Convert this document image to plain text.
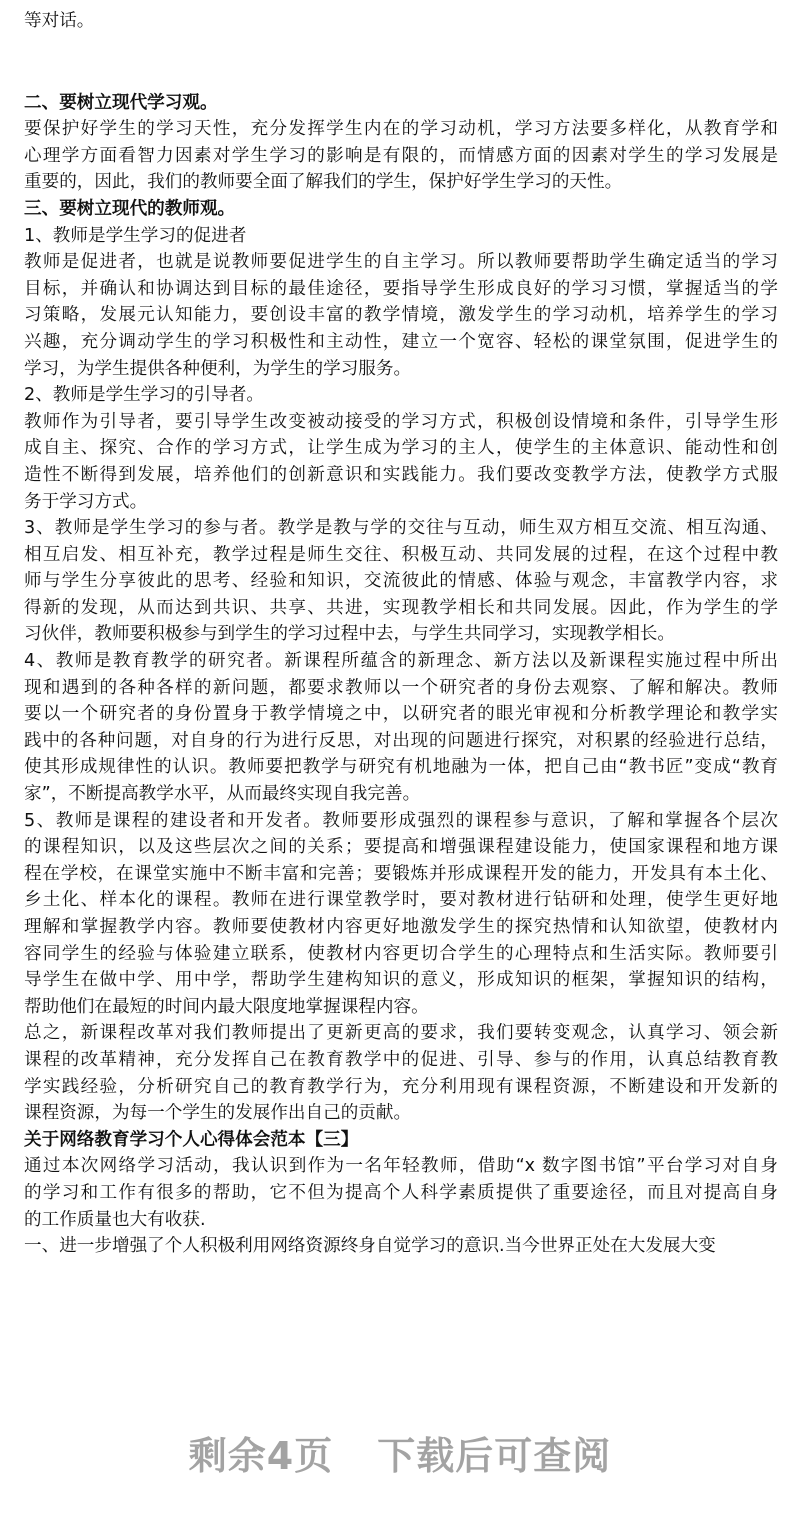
等对话。
二、要树立现代学习观。
要保护好学生的学习天性，充分发挥学生内在的学习动机，学习方法要多样化，从教育学和
心理学方面看智力因素对学生学习的影响是有限的，而情感方面的因素对学生的学习发展是
重要的，因此，我们的教师要全面了解我们的学生，保护好学生学习的天性。
三、要树立现代的教师观。
1、教师是学生学习的促进者
教师是促进者，也就是说教师要促进学生的自主学习。所以教师要帮助学生确定适当的学习
目标，并确认和协调达到目标的最佳途径，要指导学生形成良好的学习习惯，掌握适当的学
习策略，发展元认知能力，要创设丰富的教学情境，激发学生的学习动机，培养学生的学习
兴趣，充分调动学生的学习积极性和主动性，建立一个宽容、轻松的课堂氛围，促进学生的
学习，为学生提供各种便利，为学生的学习服务。
2、教师是学生学习的引导者。
教师作为引导者，要引导学生改变被动接受的学习方式，积极创设情境和条件，引导学生形
成自主、探究、合作的学习方式，让学生成为学习的主人，使学生的主体意识、能动性和创
造性不断得到发展，培养他们的创新意识和实践能力。我们要改变教学方法，使教学方式服
务于学习方式。
3、教师是学生学习的参与者。教学是教与学的交往与互动，师生双方相互交流、相互沟通、
相互启发、相互补充，教学过程是师生交往、积极互动、共同发展的过程，在这个过程中教
师与学生分享彼此的思考、经验和知识，交流彼此的情感、体验与观念，丰富教学内容，求
得新的发现，从而达到共识、共享、共进，实现教学相长和共同发展。因此，作为学生的学
习伙伴，教师要积极参与到学生的学习过程中去，与学生共同学习，实现教学相长。
4、教师是教育教学的研究者。新课程所蕴含的新理念、新方法以及新课程实施过程中所出
现和遇到的各种各样的新问题，都要求教师以一个研究者的身份去观察、了解和解决。教师
要以一个研究者的身份置身于教学情境之中，以研究者的眼光审视和分析教学理论和教学实
践中的各种问题，对自身的行为进行反思，对出现的问题进行探究，对积累的经验进行总结，
使其形成规律性的认识。教师要把教学与研究有机地融为一体，把自己由“教书匠”变成“教育
家”，不断提高教学水平，从而最终实现自我完善。
5、教师是课程的建设者和开发者。教师要形成强烈的课程参与意识，了解和掌握各个层次
的课程知识，以及这些层次之间的关系；要提高和增强课程建设能力，使国家课程和地方课
程在学校，在课堂实施中不断丰富和完善；要锻炼并形成课程开发的能力，开发具有本土化、
乡土化、样本化的课程。教师在进行课堂教学时，要对教材进行钻研和处理，使学生更好地
理解和掌握教学内容。教师要使教材内容更好地激发学生的探究热情和认知欲望，使教材内
容同学生的经验与体验建立联系，使教材内容更切合学生的心理特点和生活实际。教师要引
导学生在做中学、用中学，帮助学生建构知识的意义，形成知识的框架，掌握知识的结构，
帮助他们在最短的时间内最大限度地掌握课程内容。
总之，新课程改革对我们教师提出了更新更高的要求，我们要转变观念，认真学习、领会新
课程的改革精神，充分发挥自己在教育教学中的促进、引导、参与的作用，认真总结教育教
学实践经验，分析研究自己的教育教学行为，充分利用现有课程资源，不断建设和开发新的
课程资源，为每一个学生的发展作出自己的贡献。
关于网络教育学习个人心得体会范本【三】
通过本次网络学习活动，我认识到作为一名年轻教师，借助“x 数字图书馆”平台学习对自身
的学习和工作有很多的帮助，它不但为提高个人科学素质提供了重要途径，而且对提高自身
的工作质量也大有收获.
一、进一步增强了个人积极利用网络资源终身自觉学习的意识.当今世界正处在大发展大变
剩余4页 下载后可查阅
